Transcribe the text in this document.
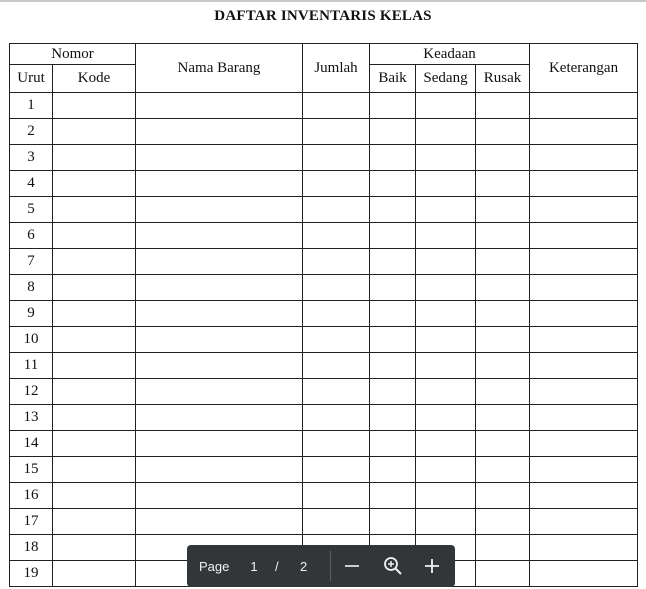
DAFTAR INVENTARIS KELAS
Nomor		Nama Barang	Jumlah	Keadaan			Keterangan
Urut	Kode			Baik	Sedang	Rusak	
1							
2							
3							
4							
5							
6							
7							
8							
9							
10							
11							
12							
13							
14							
15							
16							
17							
18							
19								Page 1 / 2
